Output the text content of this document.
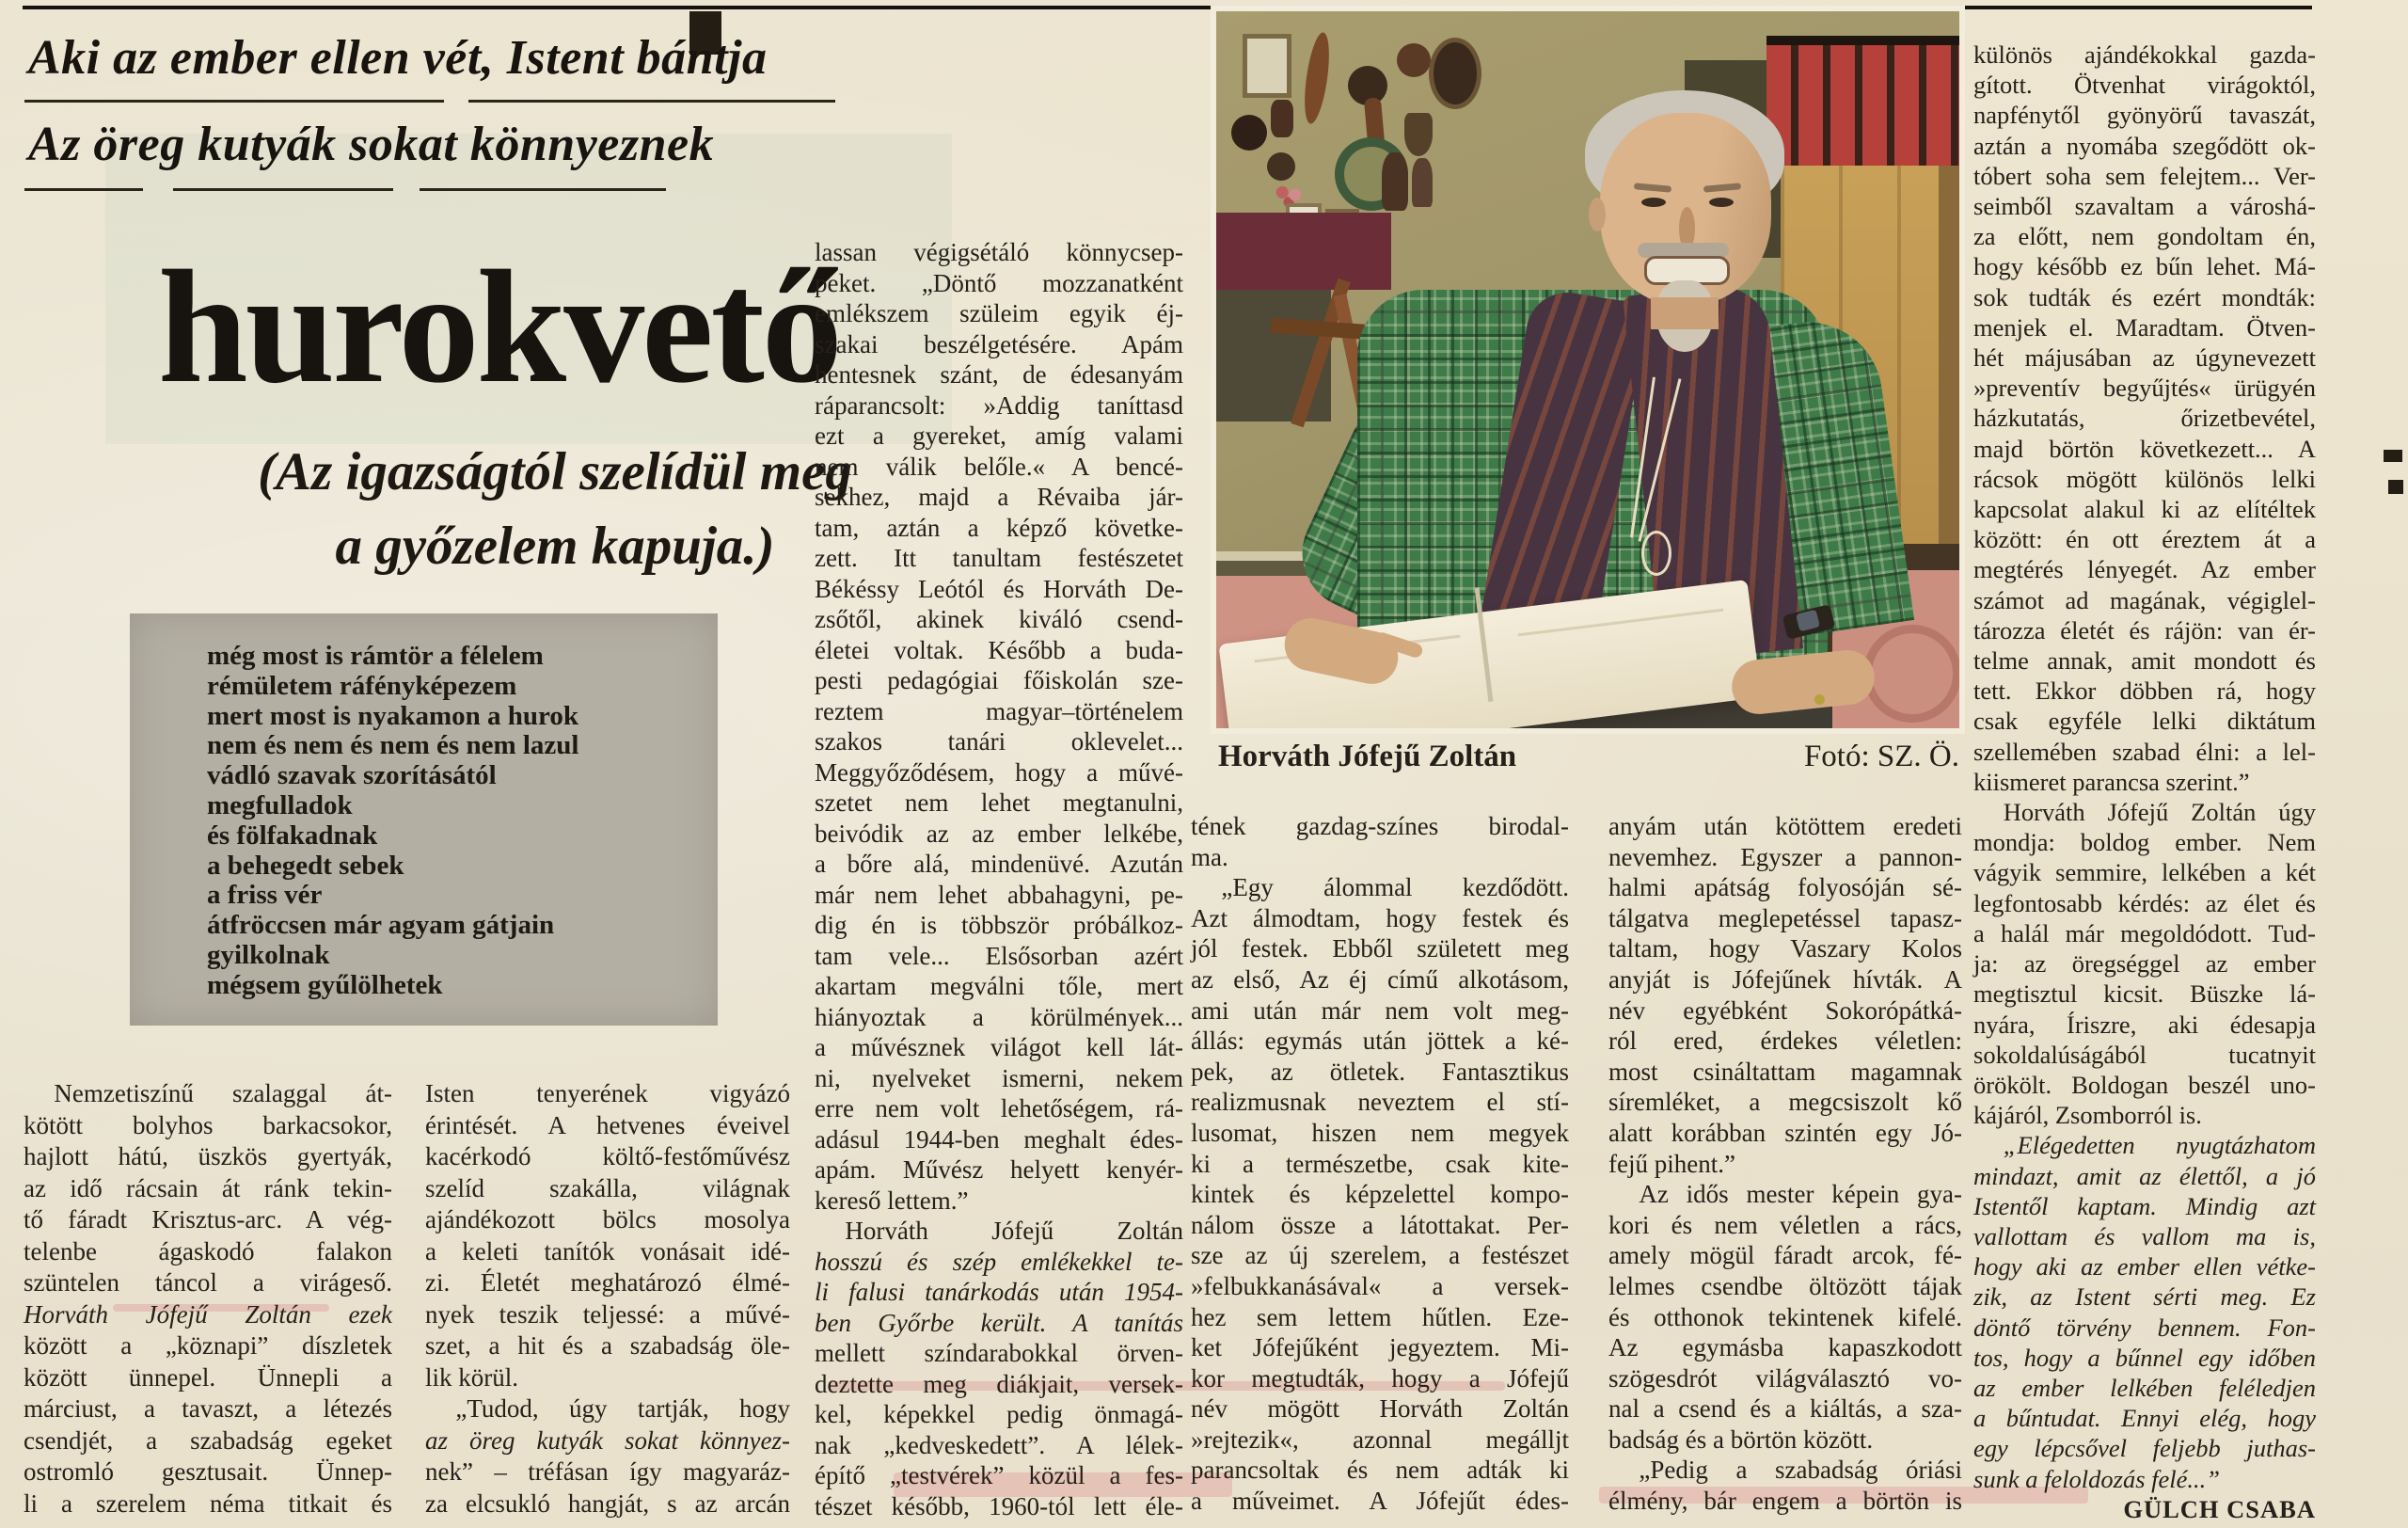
Aki az ember ellen vét, Istent bántja
Az öreg kutyák sokat könnyeznek
hurokvető
(Az igazságtól szelídül meg
a győzelem kapuja.)
még most is rámtör a félelem
rémületem ráfényképezem
mert most is nyakamon a hurok
nem és nem és nem és nem lazul
vádló szavak szorításától
megfulladok
és fölfakadnak
a behegedt sebek
a friss vér
átfröccsen már agyam gátjain
gyilkolnak
mégsem gyűlölhetek
Nemzetiszínű szalaggal át-
kötött bolyhos barkacsokor,
hajlott hátú, üszkös gyertyák,
az idő rácsain át ránk tekin-
tő fáradt Krisztus-arc. A vég-
telenbe ágaskodó falakon
szüntelen táncol a virágeső.
Horváth Jófejű Zoltán ezek
között a „köznapi” díszletek
között ünnepel. Ünnepli a
márciust, a tavaszt, a létezés
csendjét, a szabadság egeket
ostromló gesztusait. Ünnep-
li a szerelem néma titkait és
Isten tenyerének vigyázó
érintését. A hetvenes éveivel
kacérkodó költő-festőművész
szelíd szakálla, világnak
ajándékozott bölcs mosolya
a keleti tanítók vonásait idé-
zi. Életét meghatározó élmé-
nyek teszik teljessé: a művé-
szet, a hit és a szabadság öle-
lik körül.
„Tudod, úgy tartják, hogy
az öreg kutyák sokat könnyez-
nek” – tréfásan így magyaráz-
za elcsukló hangját, s az arcán
lassan végigsétáló könnycsep-
peket. „Döntő mozzanatként
emlékszem szüleim egyik éj-
szakai beszélgetésére. Apám
hentesnek szánt, de édesanyám
ráparancsolt: »Addig taníttasd
ezt a gyereket, amíg valami
nem válik belőle.« A bencé-
sekhez, majd a Révaiba jár-
tam, aztán a képző követke-
zett. Itt tanultam festészetet
Békéssy Leótól és Horváth De-
zsőtől, akinek kiváló csend-
életei voltak. Később a buda-
pesti pedagógiai főiskolán sze-
reztem magyar–történelem
szakos tanári oklevelet...
Meggyőződésem, hogy a művé-
szetet nem lehet megtanulni,
beivódik az az ember lelkébe,
a bőre alá, mindenüvé. Azután
már nem lehet abbahagyni, pe-
dig én is többször próbálkoz-
tam vele... Elsősorban azért
akartam megválni tőle, mert
hiányoztak a körülmények...
a művésznek világot kell lát-
ni, nyelveket ismerni, nekem
erre nem volt lehetőségem, rá-
adásul 1944-ben meghalt édes-
apám. Művész helyett kenyér-
kereső lettem.”
Horváth Jófejű Zoltán
hosszú és szép emlékekkel te-
li falusi tanárkodás után 1954-
ben Győrbe került. A tanítás
mellett színdarabokkal örven-
deztette meg diákjait, versek-
kel, képekkel pedig önmagá-
nak „kedveskedett”. A lélek-
építő „testvérek” közül a fes-
tészet később, 1960-tól lett éle-
tének gazdag-színes birodal-
ma.
„Egy álommal kezdődött.
Azt álmodtam, hogy festek és
jól festek. Ebből született meg
az első, Az éj című alkotásom,
ami után már nem volt meg-
állás: egymás után jöttek a ké-
pek, az ötletek. Fantasztikus
realizmusnak neveztem el stí-
lusomat, hiszen nem megyek
ki a természetbe, csak kite-
kintek és képzelettel kompo-
nálom össze a látottakat. Per-
sze az új szerelem, a festészet
»felbukkanásával« a versek-
hez sem lettem hűtlen. Eze-
ket Jófejűként jegyeztem. Mi-
kor megtudták, hogy a Jófejű
név mögött Horváth Zoltán
»rejtezik«, azonnal megálljt
parancsoltak és nem adták ki
a műveimet. A Jófejűt édes-
anyám után kötöttem eredeti
nevemhez. Egyszer a pannon-
halmi apátság folyosóján sé-
tálgatva meglepetéssel tapasz-
taltam, hogy Vaszary Kolos
anyját is Jófejűnek hívták. A
név egyébként Sokorópátká-
ról ered, érdekes véletlen:
most csináltattam magamnak
síremléket, a megcsiszolt kő
alatt korábban szintén egy Jó-
fejű pihent.”
Az idős mester képein gya-
kori és nem véletlen a rács,
amely mögül fáradt arcok, fé-
lelmes csendbe öltözött tájak
és otthonok tekintenek kifelé.
Az egymásba kapaszkodott
szögesdrót világválasztó vo-
nal a csend és a kiáltás, a sza-
badság és a börtön között.
„Pedig a szabadság óriási
élmény, bár engem a börtön is
különös ajándékokkal gazda-
gított. Ötvenhat virágoktól,
napfénytől gyönyörű tavaszát,
aztán a nyomába szegődött ok-
tóbert soha sem felejtem... Ver-
seimből szavaltam a városhá-
za előtt, nem gondoltam én,
hogy később ez bűn lehet. Má-
sok tudták és ezért mondták:
menjek el. Maradtam. Ötven-
hét májusában az úgynevezett
»preventív begyűjtés« ürügyén
házkutatás, őrizetbevétel,
majd börtön következett... A
rácsok mögött különös lelki
kapcsolat alakul ki az elítéltek
között: én ott éreztem át a
megtérés lényegét. Az ember
számot ad magának, végiglel-
tározza életét és rájön: van ér-
telme annak, amit mondott és
tett. Ekkor döbben rá, hogy
csak egyféle lelki diktátum
szellemében szabad élni: a lel-
kiismeret parancsa szerint.”
Horváth Jófejű Zoltán úgy
mondja: boldog ember. Nem
vágyik semmire, lelkében a két
legfontosabb kérdés: az élet és
a halál már megoldódott. Tud-
ja: az öregséggel az ember
megtisztul kicsit. Büszke lá-
nyára, Íriszre, aki édesapja
sokoldalúságából tucatnyit
örökölt. Boldogan beszél uno-
kájáról, Zsomborról is.
„Elégedetten nyugtázhatom
mindazt, amit az élettől, a jó
Istentől kaptam. Mindig azt
vallottam és vallom ma is,
hogy aki az ember ellen vétke-
zik, az Istent sérti meg. Ez
döntő törvény bennem. Fon-
tos, hogy a bűnnel egy időben
az ember lelkében feléledjen
a bűntudat. Ennyi elég, hogy
egy lépcsővel feljebb juthas-
sunk a feloldozás felé...”
GÜLCH CSABA
Horváth Jófejű Zoltán	Fotó: SZ. Ö.
